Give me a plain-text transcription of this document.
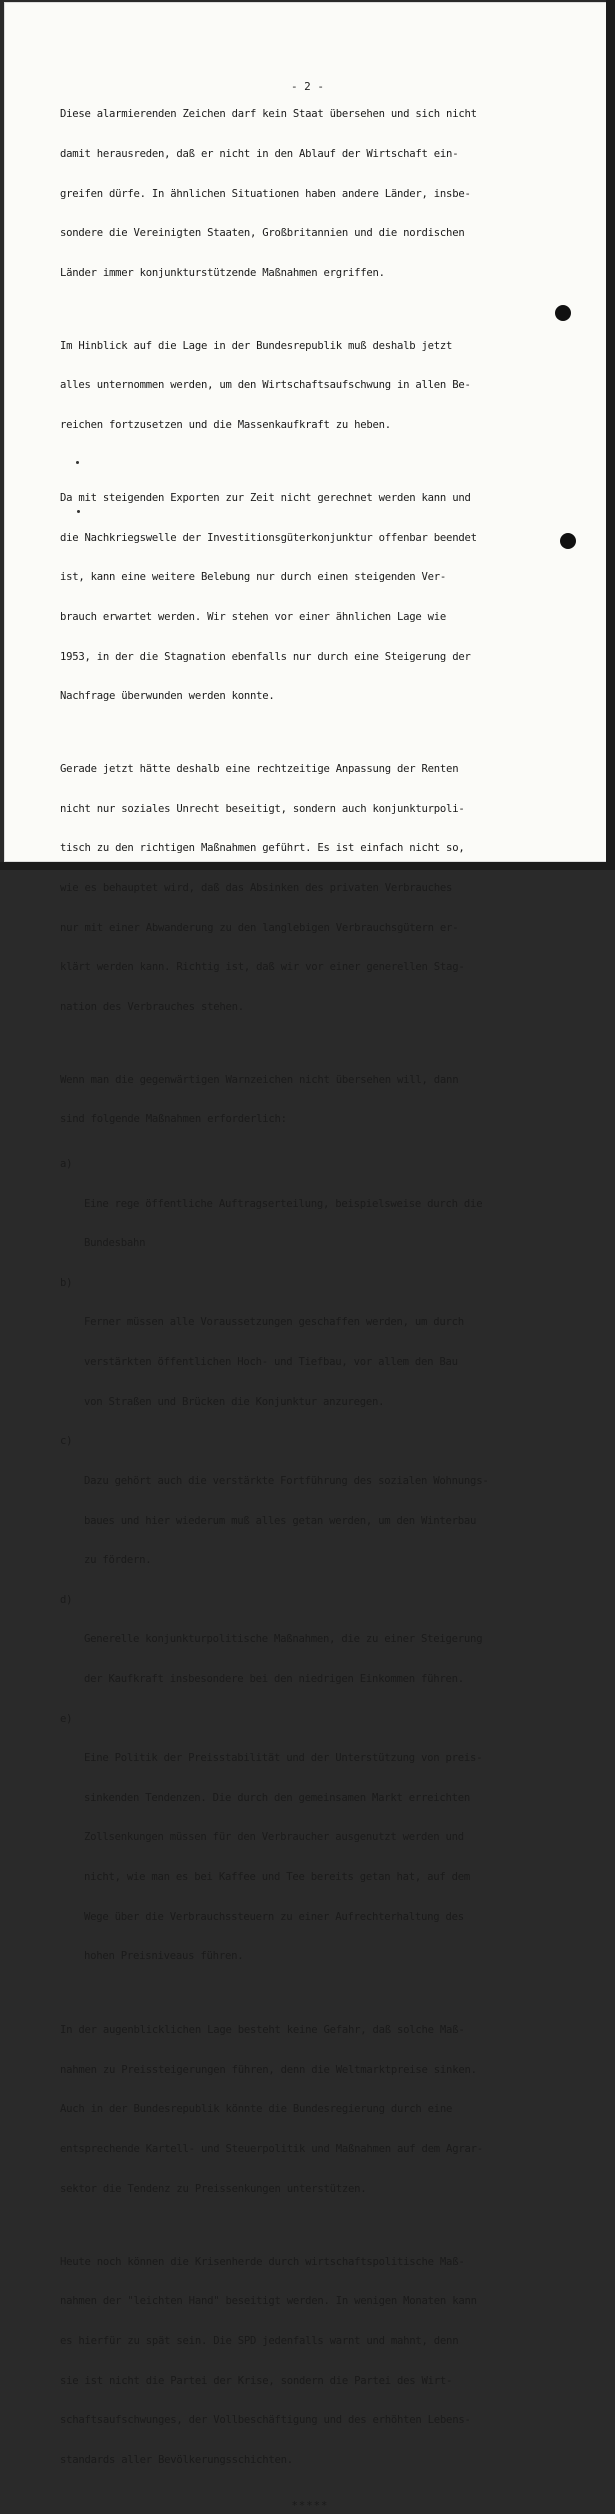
- 2 -

Diese alarmierenden Zeichen darf kein Staat übersehen und sich nicht

damit herausreden, daß er nicht in den Ablauf der Wirtschaft ein-

greifen dürfe. In ähnlichen Situationen haben andere Länder, insbe-

sondere die Vereinigten Staaten, Großbritannien und die nordischen

Länder immer konjunkturstützende Maßnahmen ergriffen.

Im Hinblick auf die Lage in der Bundesrepublik muß deshalb jetzt

alles unternommen werden, um den Wirtschaftsaufschwung in allen Be-

reichen fortzusetzen und die Massenkaufkraft zu heben.

Da mit steigenden Exporten zur Zeit nicht gerechnet werden kann und

die Nachkriegswelle der Investitionsgüterkonjunktur offenbar beendet

ist, kann eine weitere Belebung nur durch einen steigenden Ver-

brauch erwartet werden. Wir stehen vor einer ähnlichen Lage wie

1953, in der die Stagnation ebenfalls nur durch eine Steigerung der

Nachfrage überwunden werden konnte.

Gerade jetzt hätte deshalb eine rechtzeitige Anpassung der Renten

nicht nur soziales Unrecht beseitigt, sondern auch konjunkturpoli-

tisch zu den richtigen Maßnahmen geführt. Es ist einfach nicht so,

wie es behauptet wird, daß das Absinken des privaten Verbrauches

nur mit einer Abwanderung zu den langlebigen Verbrauchsgütern er-

klärt werden kann. Richtig ist, daß wir vor einer generellen Stag-

nation des Verbrauches stehen.

Wenn man die gegenwärtigen Warnzeichen nicht übersehen will, dann

sind folgende Maßnahmen erforderlich:

a)

Eine rege öffentliche Auftragserteilung, beispielsweise durch die

Bundesbahn

b)

Ferner müssen alle Voraussetzungen geschaffen werden, um durch

verstärkten öffentlichen Hoch- und Tiefbau, vor allem den Bau

von Straßen und Brücken die Konjunktur anzuregen.

c)

Dazu gehört auch die verstärkte Fortführung des sozialen Wohnungs-

baues und hier wiederum muß alles getan werden, um den Winterbau

zu fördern.

d)

Generelle konjunkturpolitische Maßnahmen, die zu einer Steigerung

der Kaufkraft insbesondere bei den niedrigen Einkommen führen.

e)

Eine Politik der Preisstabilität und der Unterstützung von preis-

sinkenden Tendenzen. Die durch den gemeinsamen Markt erreichten

Zollsenkungen müssen für den Verbraucher ausgenutzt werden und

nicht, wie man es bei Kaffee und Tee bereits getan hat, auf dem

Wege über die Verbrauchssteuern zu einer Aufrechterhaltung des

hohen Preisniveaus führen.

In der augenblicklichen Lage besteht keine Gefahr, daß solche Maß-

nahmen zu Preissteigerungen führen, denn die Weltmarktpreise sinken.

Auch in der Bundesrepublik könnte die Bundesregierung durch eine

entsprechende Kartell- und Steuerpolitik und Maßnahmen auf dem Agrar-

sektor die Tendenz zu Preissenkungen unterstützen.

Heute noch können die Krisenherde durch wirtschaftspolitische Maß-

nahmen der "leichten Hand" beseitigt werden. In wenigen Monaten kann

es hierfür zu spät sein. Die SPD jedenfalls warnt und mahnt, denn

sie ist nicht die Partei der Krise, sondern die Partei des Wirt-

schaftsaufschwunges, der Vollbeschäftigung und des erhöhten Lebens-

standards aller Bevölkerungsschichten.

*****
